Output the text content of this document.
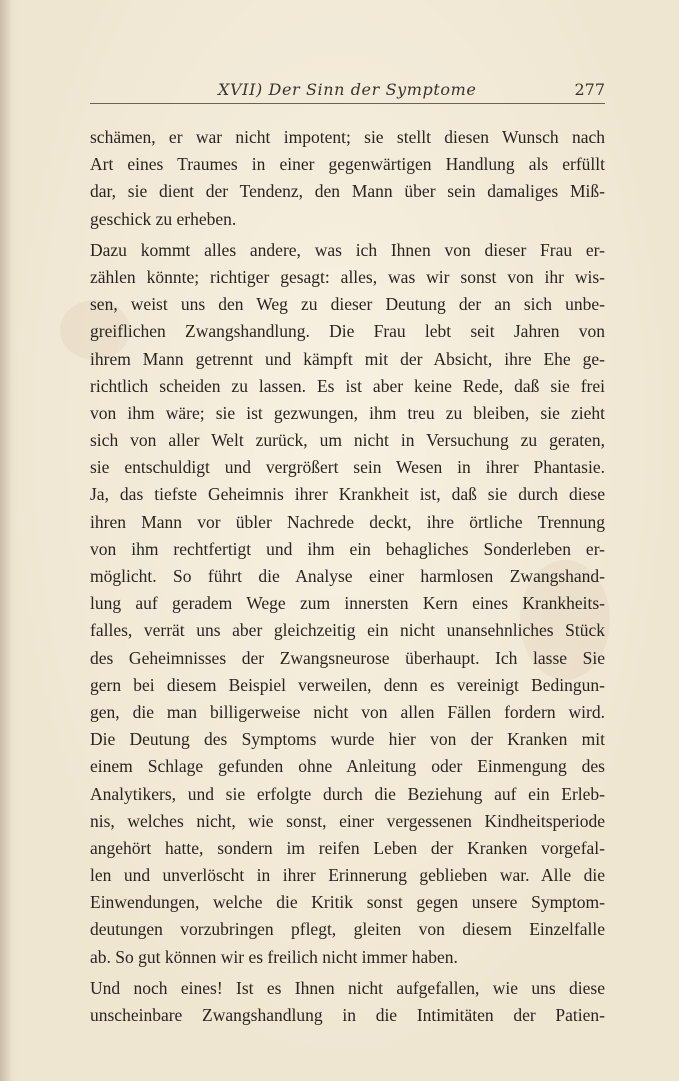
XVII) Der Sinn der Symptome	277
schämen, er war nicht impotent; sie stellt diesen Wunsch nach
Art eines Traumes in einer gegenwärtigen Handlung als erfüllt
dar, sie dient der Tendenz, den Mann über sein damaliges Miß-
geschick zu erheben.
Dazu kommt alles andere, was ich Ihnen von dieser Frau er-
zählen könnte; richtiger gesagt: alles, was wir sonst von ihr wis-
sen, weist uns den Weg zu dieser Deutung der an sich unbe-
greiflichen Zwangshandlung. Die Frau lebt seit Jahren von
ihrem Mann getrennt und kämpft mit der Absicht, ihre Ehe ge-
richtlich scheiden zu lassen. Es ist aber keine Rede, daß sie frei
von ihm wäre; sie ist gezwungen, ihm treu zu bleiben, sie zieht
sich von aller Welt zurück, um nicht in Versuchung zu geraten,
sie entschuldigt und vergrößert sein Wesen in ihrer Phantasie.
Ja, das tiefste Geheimnis ihrer Krankheit ist, daß sie durch diese
ihren Mann vor übler Nachrede deckt, ihre örtliche Trennung
von ihm rechtfertigt und ihm ein behagliches Sonderleben er-
möglicht. So führt die Analyse einer harmlosen Zwangshand-
lung auf geradem Wege zum innersten Kern eines Krankheits-
falles, verrät uns aber gleichzeitig ein nicht unansehnliches Stück
des Geheimnisses der Zwangsneurose überhaupt. Ich lasse Sie
gern bei diesem Beispiel verweilen, denn es vereinigt Bedingun-
gen, die man billigerweise nicht von allen Fällen fordern wird.
Die Deutung des Symptoms wurde hier von der Kranken mit
einem Schlage gefunden ohne Anleitung oder Einmengung des
Analytikers, und sie erfolgte durch die Beziehung auf ein Erleb-
nis, welches nicht, wie sonst, einer vergessenen Kindheitsperiode
angehört hatte, sondern im reifen Leben der Kranken vorgefal-
len und unverlöscht in ihrer Erinnerung geblieben war. Alle die
Einwendungen, welche die Kritik sonst gegen unsere Symptom-
deutungen vorzubringen pflegt, gleiten von diesem Einzelfalle
ab. So gut können wir es freilich nicht immer haben.
Und noch eines! Ist es Ihnen nicht aufgefallen, wie uns diese
unscheinbare Zwangshandlung in die Intimitäten der Patien-
